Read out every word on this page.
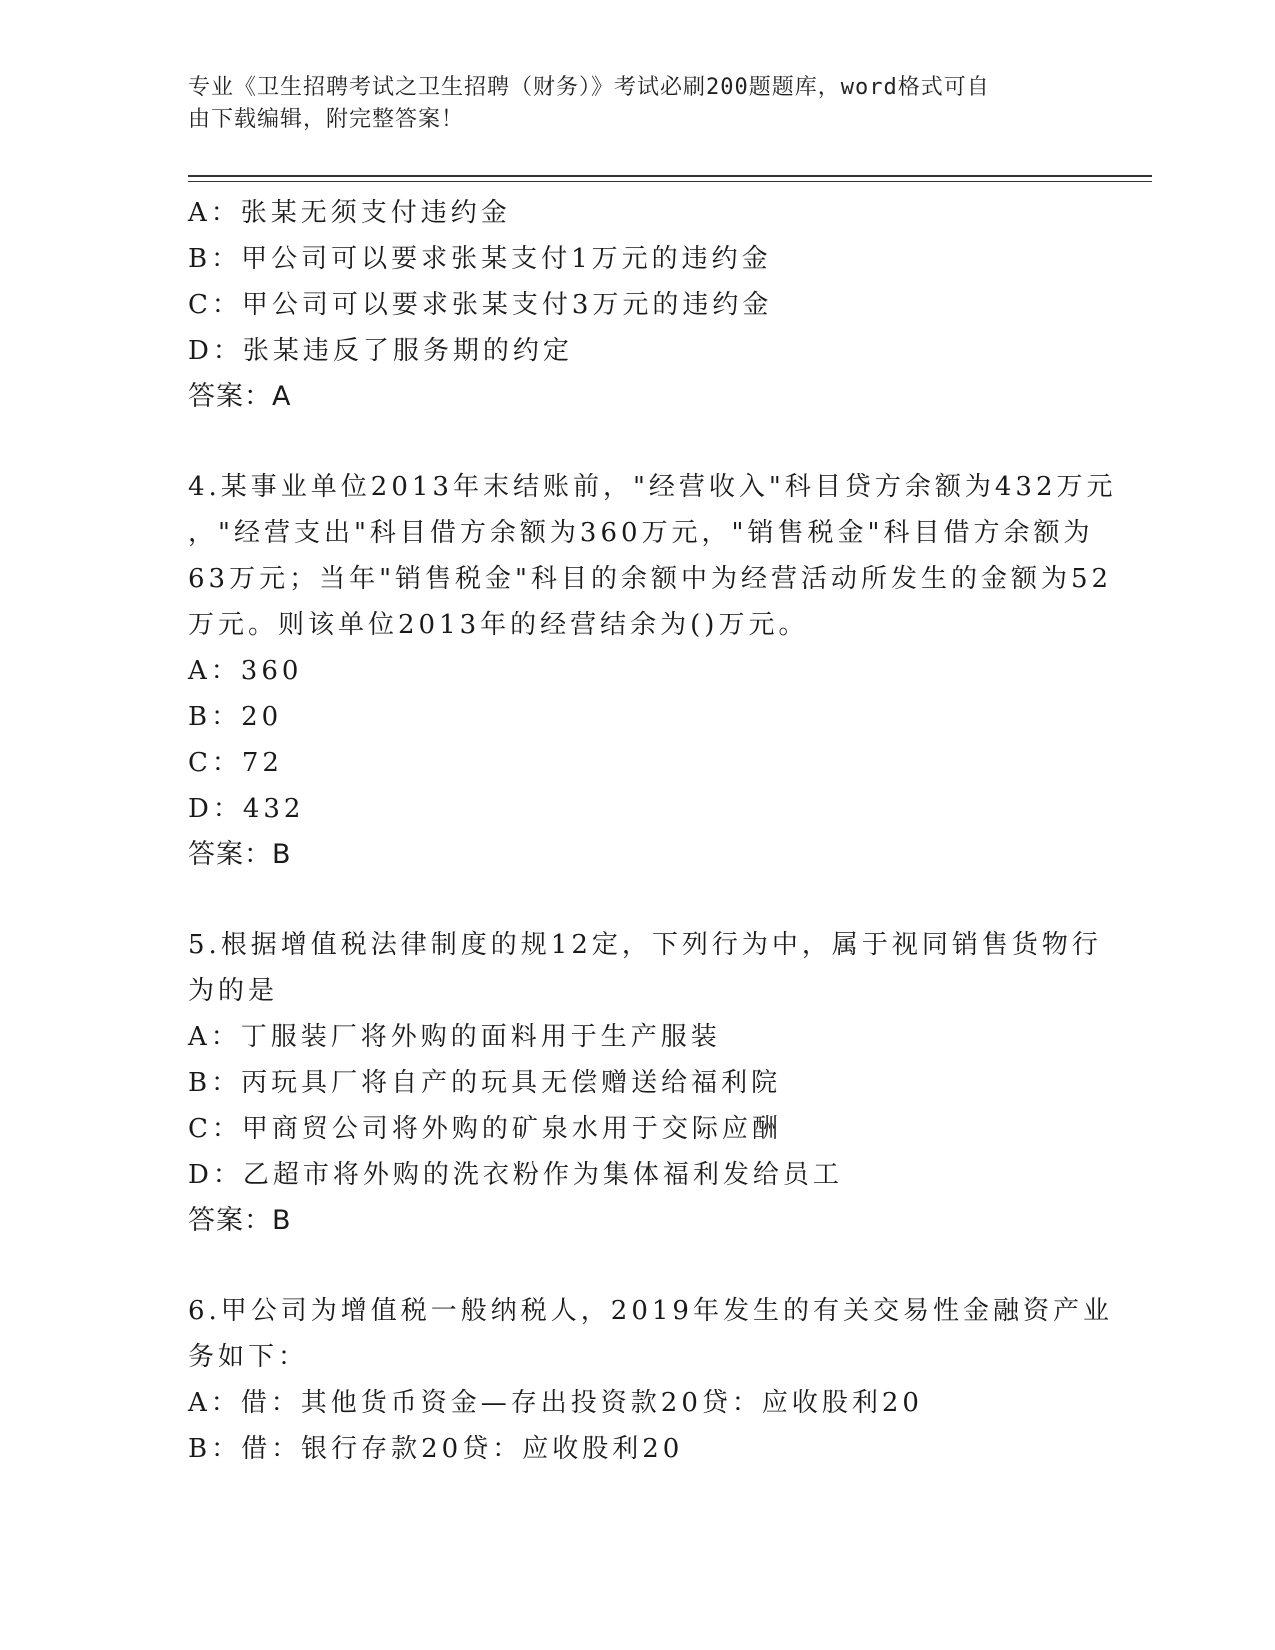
专业《卫生招聘考试之卫生招聘（财务）》考试必刷200题题库，word格式可自
由下载编辑，附完整答案！
A：张某无须支付违约金
B：甲公司可以要求张某支付1万元的违约金
C：甲公司可以要求张某支付3万元的违约金
D：张某违反了服务期的约定
答案：A
4.某事业单位2013年末结账前，"经营收入"科目贷方余额为432万元
，"经营支出"科目借方余额为360万元，"销售税金"科目借方余额为
63万元；当年"销售税金"科目的余额中为经营活动所发生的金额为52
万元。则该单位2013年的经营结余为()万元。
A：360
B：20
C：72
D：432
答案：B
5.根据增值税法律制度的规12定，下列行为中，属于视同销售货物行
为的是
A：丁服装厂将外购的面料用于生产服装
B：丙玩具厂将自产的玩具无偿赠送给福利院
C：甲商贸公司将外购的矿泉水用于交际应酬
D：乙超市将外购的洗衣粉作为集体福利发给员工
答案：B
6.甲公司为增值税一般纳税人，2019年发生的有关交易性金融资产业
务如下：
A：借：其他货币资金—存出投资款20贷：应收股利20
B：借：银行存款20贷：应收股利20
